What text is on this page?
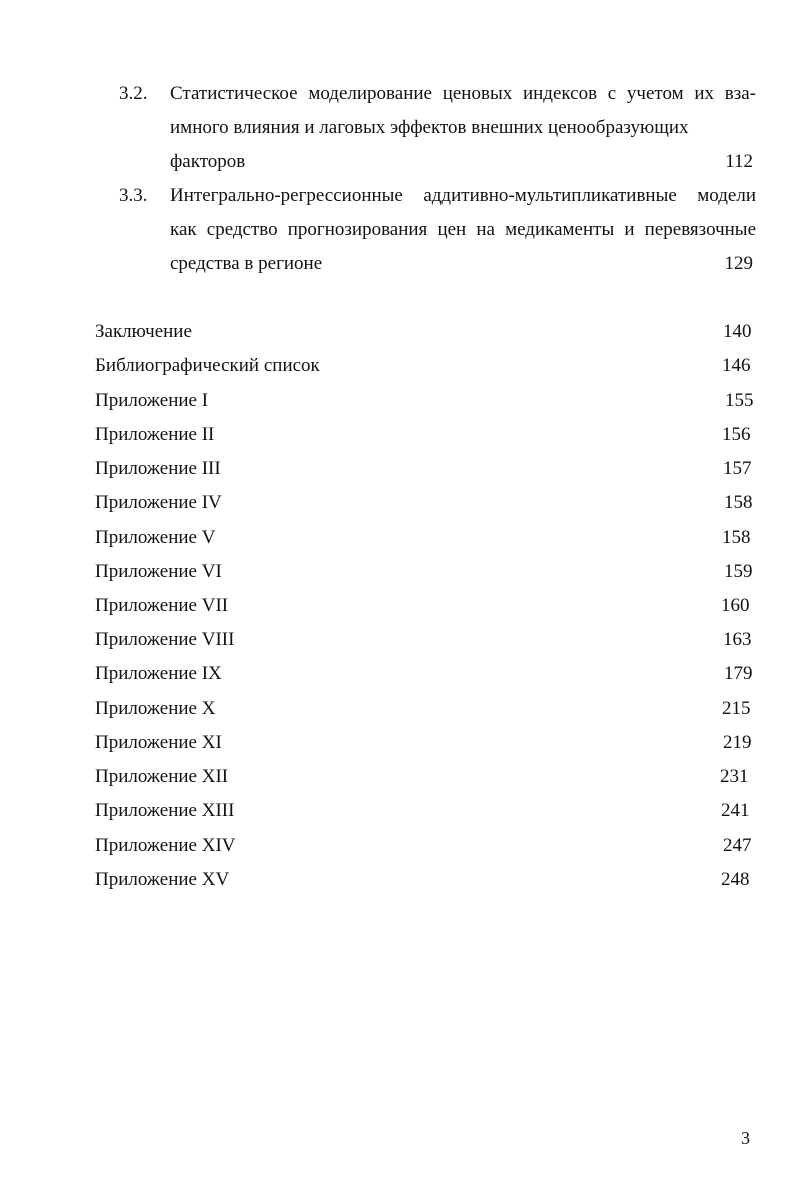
3.2. Статистическое моделирование ценовых индексов с учетом их вза-
имного влияния и лаговых эффектов внешних ценообразующих
факторов	112
3.3. Интегрально-регрессионные аддитивно-мультипликативные модели
как средство прогнозирования цен на медикаменты и перевязочные
средства в регионе	129
Заключение	140
Библиографический список	146
Приложение I	155
Приложение II	156
Приложение III	157
Приложение IV	158
Приложение V	158
Приложение VI	159
Приложение VII	160
Приложение VIII	163
Приложение IX	179
Приложение X	215
Приложение XI	219
Приложение XII	231
Приложение XIII	241
Приложение XIV	247
Приложение XV	248
3
